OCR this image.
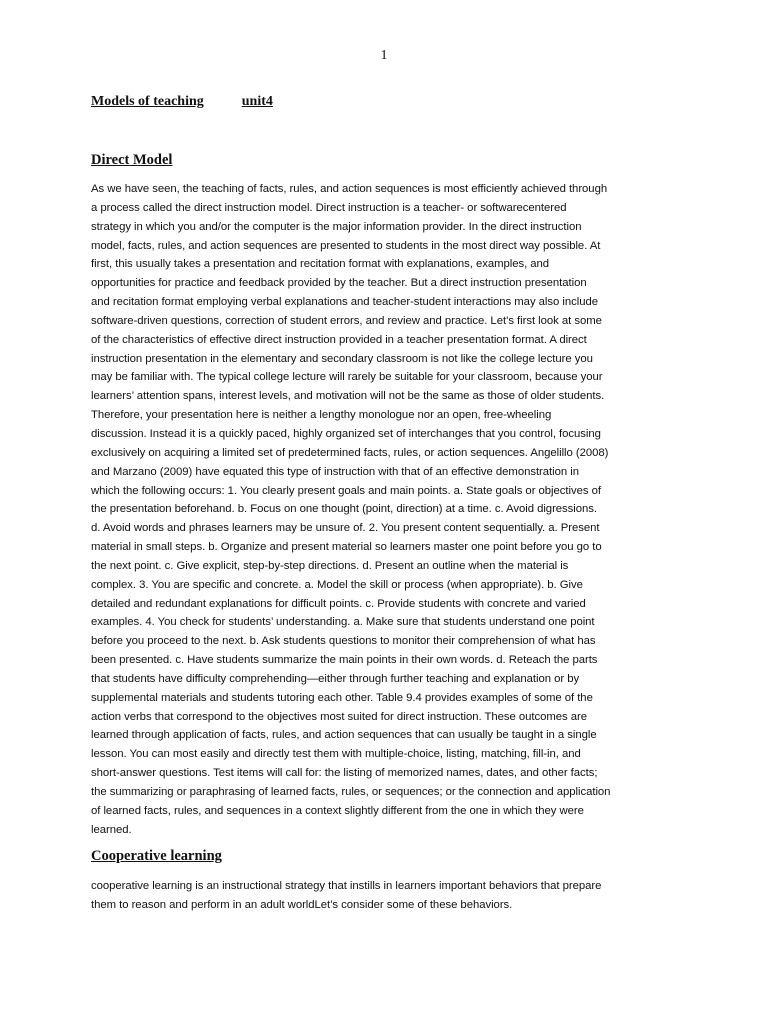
1
Models of teaching	unit4
Direct Model
As we have seen, the teaching of facts, rules, and action sequences is most efficiently achieved through
a process called the direct instruction model. Direct instruction is a teacher- or softwarecentered
strategy in which you and/or the computer is the major information provider. In the direct instruction
model, facts, rules, and action sequences are presented to students in the most direct way possible. At
first, this usually takes a presentation and recitation format with explanations, examples, and
opportunities for practice and feedback provided by the teacher. But a direct instruction presentation
and recitation format employing verbal explanations and teacher-student interactions may also include
software-driven questions, correction of student errors, and review and practice. Let’s first look at some
of the characteristics of effective direct instruction provided in a teacher presentation format. A direct
instruction presentation in the elementary and secondary classroom is not like the college lecture you
may be familiar with. The typical college lecture will rarely be suitable for your classroom, because your
learners’ attention spans, interest levels, and motivation will not be the same as those of older students.
Therefore, your presentation here is neither a lengthy monologue nor an open, free-wheeling
discussion. Instead it is a quickly paced, highly organized set of interchanges that you control, focusing
exclusively on acquiring a limited set of predetermined facts, rules, or action sequences. Angelillo (2008)
and Marzano (2009) have equated this type of instruction with that of an effective demonstration in
which the following occurs: 1. You clearly present goals and main points. a. State goals or objectives of
the presentation beforehand. b. Focus on one thought (point, direction) at a time. c. Avoid digressions.
d. Avoid words and phrases learners may be unsure of. 2. You present content sequentially. a. Present
material in small steps. b. Organize and present material so learners master one point before you go to
the next point. c. Give explicit, step-by-step directions. d. Present an outline when the material is
complex. 3. You are specific and concrete. a. Model the skill or process (when appropriate). b. Give
detailed and redundant explanations for difficult points. c. Provide students with concrete and varied
examples. 4. You check for students’ understanding. a. Make sure that students understand one point
before you proceed to the next. b. Ask students questions to monitor their comprehension of what has
been presented. c. Have students summarize the main points in their own words. d. Reteach the parts
that students have difficulty comprehending—either through further teaching and explanation or by
supplemental materials and students tutoring each other. Table 9.4 provides examples of some of the
action verbs that correspond to the objectives most suited for direct instruction. These outcomes are
learned through application of facts, rules, and action sequences that can usually be taught in a single
lesson. You can most easily and directly test them with multiple-choice, listing, matching, fill-in, and
short-answer questions. Test items will call for: the listing of memorized names, dates, and other facts;
the summarizing or paraphrasing of learned facts, rules, or sequences; or the connection and application
of learned facts, rules, and sequences in a context slightly different from the one in which they were
learned.
Cooperative learning
cooperative learning is an instructional strategy that instills in learners important behaviors that prepare
them to reason and perform in an adult worldLet’s consider some of these behaviors.
